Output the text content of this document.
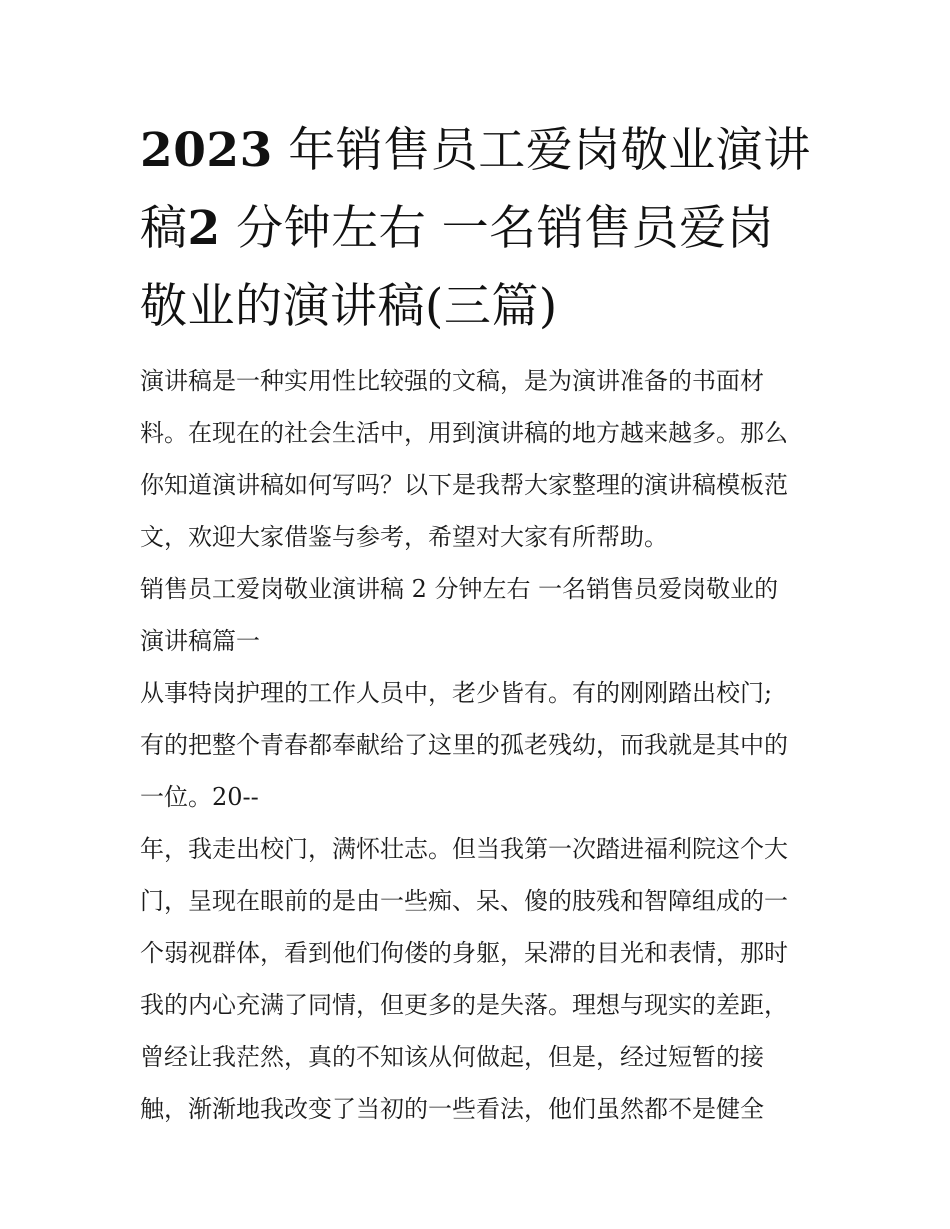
2023 年销售员工爱岗敬业演讲稿2 分钟左右 一名销售员爱岗敬业的演讲稿(三篇)

演讲稿是一种实用性比较强的文稿，是为演讲准备的书面材

料。在现在的社会生活中，用到演讲稿的地方越来越多。那么

你知道演讲稿如何写吗？以下是我帮大家整理的演讲稿模板范

文，欢迎大家借鉴与参考，希望对大家有所帮助。

销售员工爱岗敬业演讲稿 2 分钟左右 一名销售员爱岗敬业的

演讲稿篇一

从事特岗护理的工作人员中，老少皆有。有的刚刚踏出校门;

有的把整个青春都奉献给了这里的孤老残幼，而我就是其中的

一位。20--

年，我走出校门，满怀壮志。但当我第一次踏进福利院这个大

门，呈现在眼前的是由一些痴、呆、傻的肢残和智障组成的一

个弱视群体，看到他们佝偻的身躯，呆滞的目光和表情，那时

我的内心充满了同情，但更多的是失落。理想与现实的差距，

曾经让我茫然，真的不知该从何做起，但是，经过短暂的接

触，渐渐地我改变了当初的一些看法，他们虽然都不是健全
